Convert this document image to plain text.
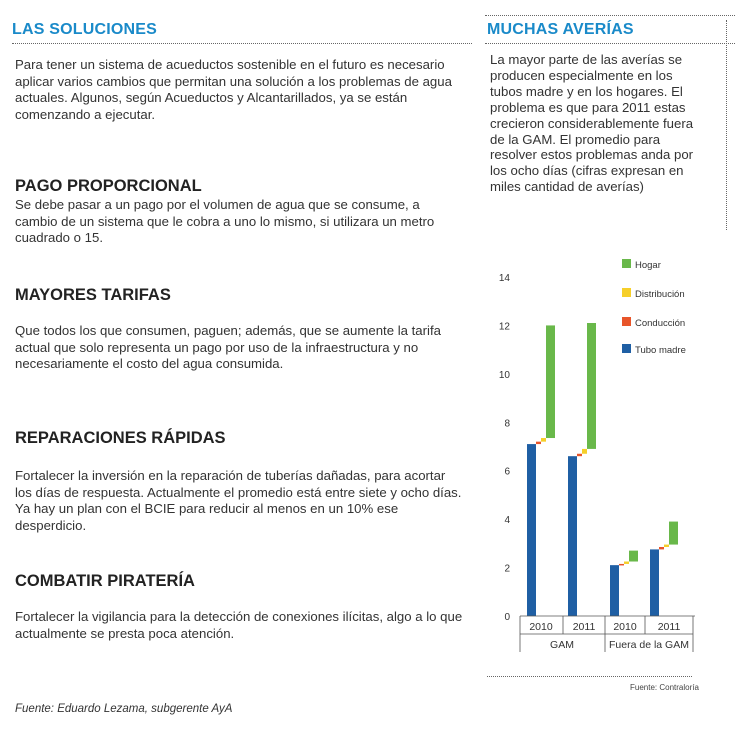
LAS SOLUCIONES

Para tener un sistema de acueductos sostenible en el futuro es necesario aplicar varios cambios que permitan una solución a los problemas de agua actuales. Algunos, según Acueductos y Alcantarillados, ya se están comenzando a ejecutar.

PAGO PROPORCIONAL

Se debe pasar a un pago por el volumen de agua que se consume, a cambio de un sistema que le cobra a uno lo mismo, si utilizara un metro cuadrado o 15.

MAYORES TARIFAS

Que todos los que consumen, paguen; además, que se aumente la tarifa actual que solo representa un pago por uso de la infraestructura y no necesariamente el costo del agua consumida.

REPARACIONES RÁPIDAS

Fortalecer la inversión en la reparación de tuberías dañadas, para acortar los días de respuesta. Actualmente el promedio está entre siete y ocho días. Ya hay un plan con el BCIE para reducir al menos en un 10% ese desperdicio.

COMBATIR PIRATERÍA

Fortalecer la vigilancia para la detección de conexiones ilícitas, algo a lo que actualmente se presta poca atención.

Fuente: Eduardo Lezama, subgerente AyA
MUCHAS AVERÍAS

La mayor parte de las averías se producen especialmente en los tubos madre y en los hogares. El problema es que para 2011 estas crecieron considerablemente fuera de la GAM. El promedio para resolver estos problemas anda por los ocho días (cifras expresan en miles cantidad de averías)

0
2
4
6
8
10
12
14
2010 2011 2010 2011
GAM	Fuera de la GAM
Hogar
Distribución
Conducción
Tubo madre
Fuente: Contraloría
